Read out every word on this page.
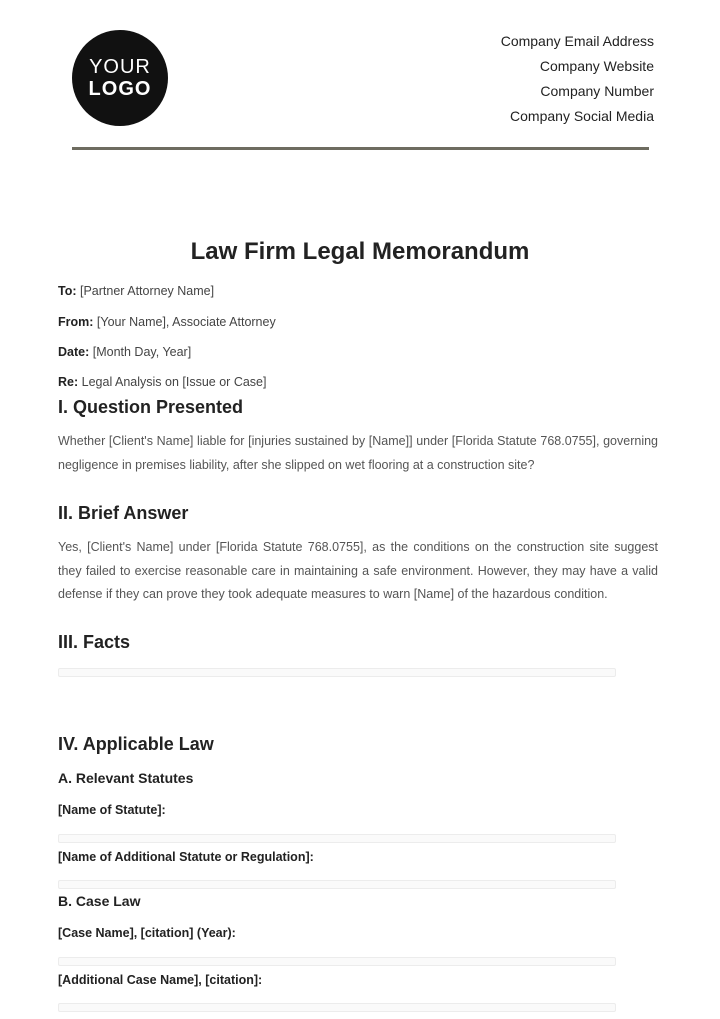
YOUR
LOGO
Company Email Address
Company Website
Company Number
Company Social Media
Law Firm Legal Memorandum
To: [Partner Attorney Name]
From: [Your Name], Associate Attorney
Date: [Month Day, Year]
Re: Legal Analysis on [Issue or Case]
I. Question Presented
Whether [Client's Name] liable for [injuries sustained by [Name]] under [Florida Statute 768.0755], governing negligence in premises liability, after she slipped on wet flooring at a construction site?
II. Brief Answer
Yes, [Client's Name] under [Florida Statute 768.0755], as the conditions on the construction site suggest they failed to exercise reasonable care in maintaining a safe environment. However, they may have a valid defense if they can prove they took adequate measures to warn [Name] of the hazardous condition.
III. Facts
IV. Applicable Law
A. Relevant Statutes
[Name of Statute]:
[Name of Additional Statute or Regulation]:
B. Case Law
[Case Name], [citation] (Year):
[Additional Case Name], [citation]:
